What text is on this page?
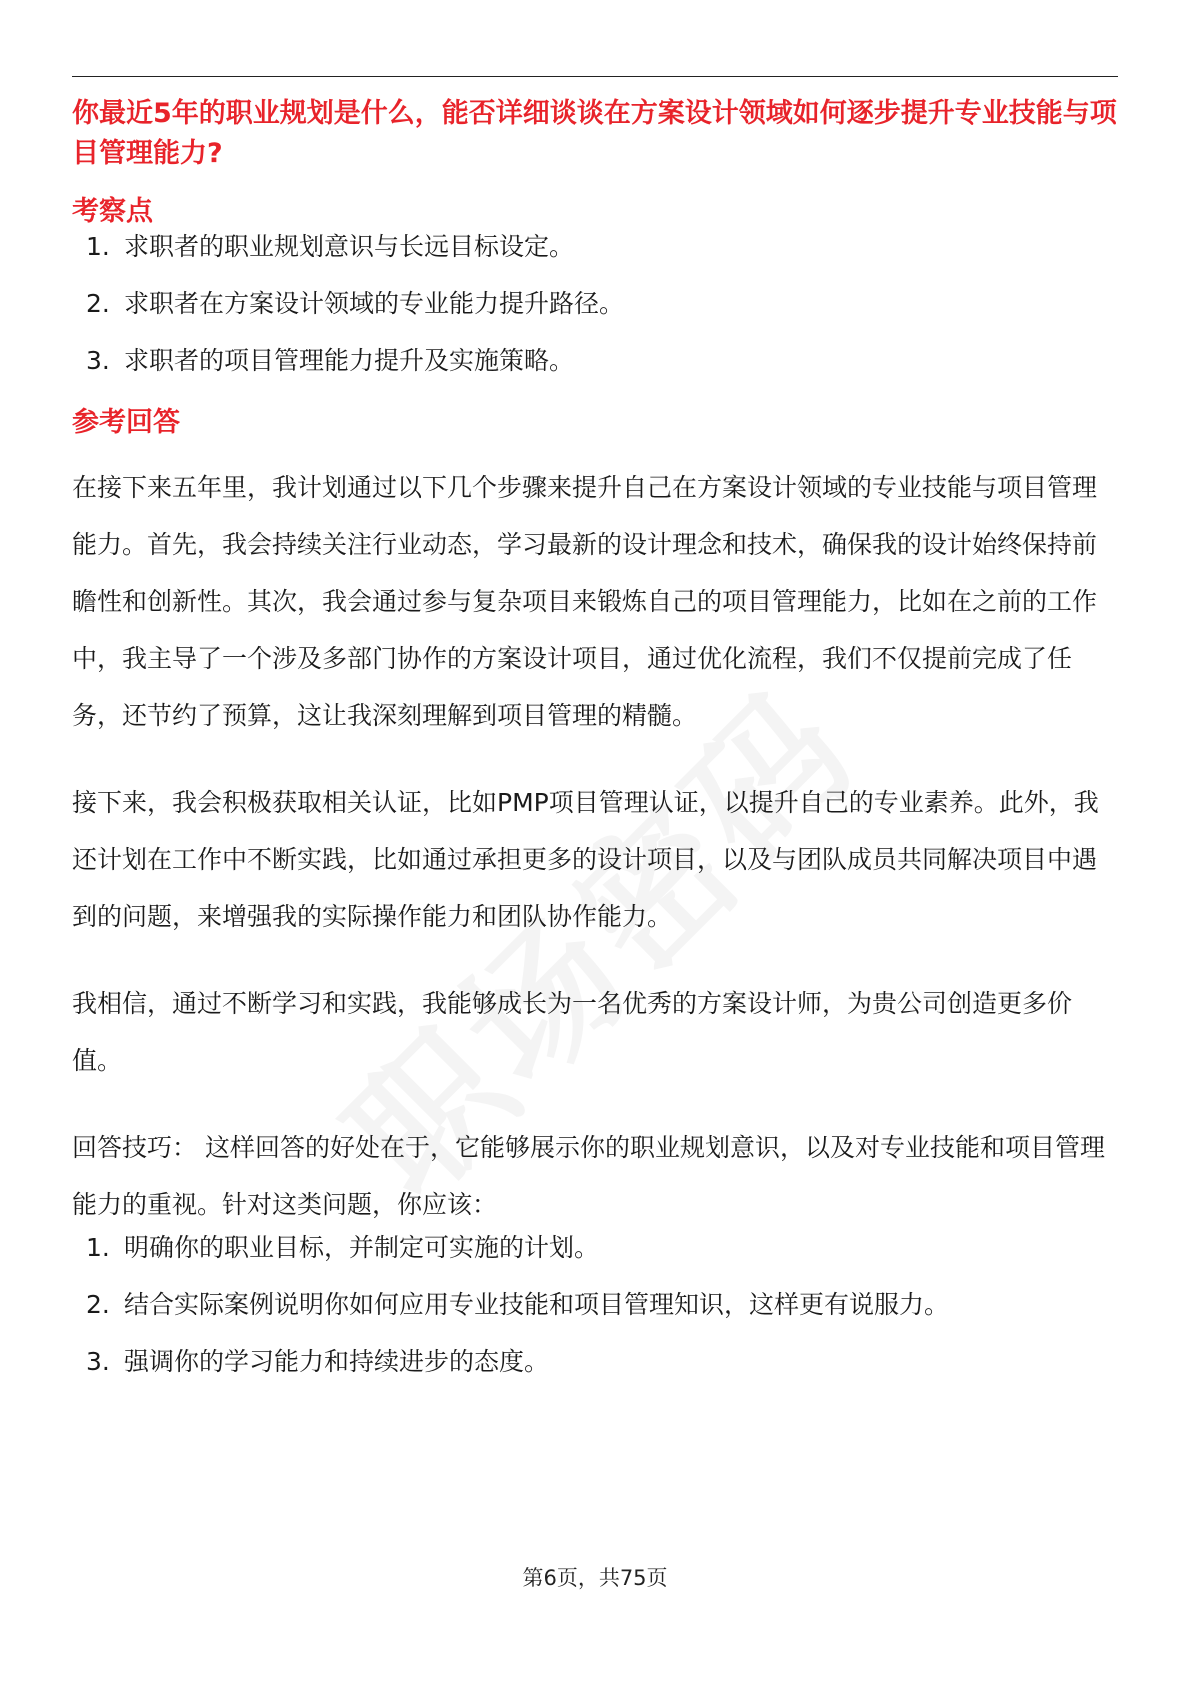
你最近5年的职业规划是什么，能否详细谈谈在方案设计领域如何逐步提升专业技能与项目管理能力?
考察点
1. 求职者的职业规划意识与长远目标设定。
2. 求职者在方案设计领域的专业能力提升路径。
3. 求职者的项目管理能力提升及实施策略。
参考回答

在接下来五年里，我计划通过以下几个步骤来提升自己在方案设计领域的专业技能与项目管理能力。首先，我会持续关注行业动态，学习最新的设计理念和技术，确保我的设计始终保持前瞻性和创新性。其次，我会通过参与复杂项目来锻炼自己的项目管理能力，比如在之前的工作中，我主导了一个涉及多部门协作的方案设计项目，通过优化流程，我们不仅提前完成了任务，还节约了预算，这让我深刻理解到项目管理的精髓。

接下来，我会积极获取相关认证，比如PMP项目管理认证，以提升自己的专业素养。此外，我还计划在工作中不断实践，比如通过承担更多的设计项目，以及与团队成员共同解决项目中遇到的问题，来增强我的实际操作能力和团队协作能力。

我相信，通过不断学习和实践，我能够成长为一名优秀的方案设计师，为贵公司创造更多价值。

回答技巧： 这样回答的好处在于，它能够展示你的职业规划意识，以及对专业技能和项目管理能力的重视。针对这类问题，你应该：

1. 明确你的职业目标，并制定可实施的计划。
2. 结合实际案例说明你如何应用专业技能和项目管理知识，这样更有说服力。
3. 强调你的学习能力和持续进步的态度。
第6页，共75页
